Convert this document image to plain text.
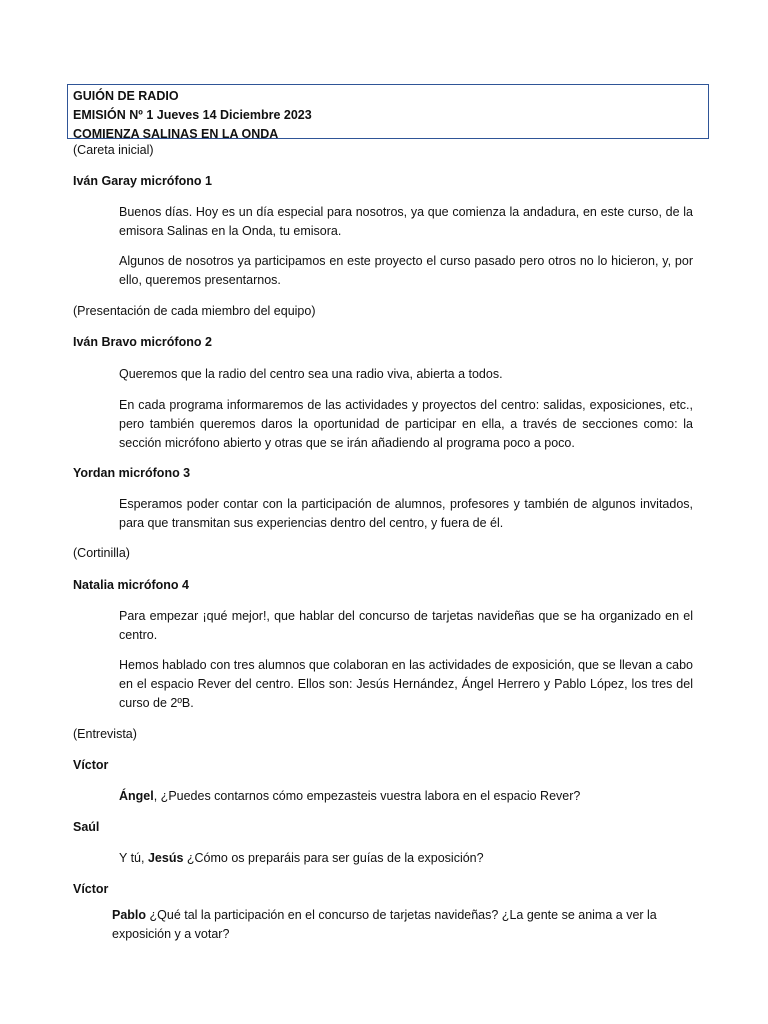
GUIÓN DE RADIO
EMISIÓN Nº 1 Jueves 14 Diciembre 2023
COMIENZA SALINAS EN LA ONDA
(Careta inicial)
Iván Garay micrófono 1
Buenos días. Hoy es un día especial para nosotros, ya que comienza la andadura, en este curso, de la emisora Salinas en la Onda, tu emisora.
Algunos de nosotros ya participamos en este proyecto el curso pasado pero otros no lo hicieron, y, por ello, queremos presentarnos.
(Presentación de cada miembro del equipo)
Iván Bravo micrófono 2
Queremos que la radio del centro sea una radio viva, abierta a todos.
En cada programa informaremos de las actividades y proyectos del centro: salidas, exposiciones, etc., pero también queremos daros la oportunidad de participar en ella, a través de secciones como: la sección micrófono abierto y otras que se irán añadiendo al programa poco a poco.
Yordan micrófono 3
Esperamos poder contar con la participación de alumnos, profesores y también de algunos invitados, para que transmitan sus experiencias dentro del centro, y fuera de él.
(Cortinilla)
Natalia micrófono 4
Para empezar ¡qué mejor!, que hablar del concurso de tarjetas navideñas que se ha organizado en el centro.
Hemos hablado con tres alumnos que colaboran en las actividades de exposición, que se llevan a cabo en el espacio Rever del centro. Ellos son: Jesús Hernández, Ángel Herrero y Pablo López, los tres del curso de 2ºB.
(Entrevista)
Víctor
Ángel, ¿Puedes contarnos cómo empezasteis vuestra labora en el espacio Rever?
Saúl
Y tú, Jesús ¿Cómo os preparáis para ser guías de la exposición?
Víctor
Pablo ¿Qué tal la participación en el concurso de tarjetas navideñas? ¿La gente se anima a ver la exposición y a votar?
